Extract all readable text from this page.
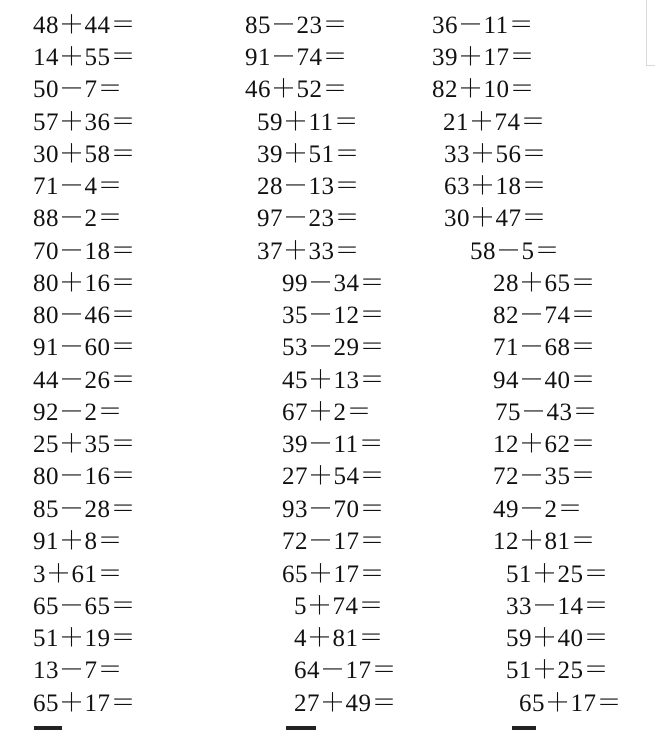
48＋44＝	85－23＝	36－11＝
14＋55＝	91－74＝	39＋17＝
50－7＝	46＋52＝	82＋10＝
57＋36＝	59＋11＝	21＋74＝
30＋58＝	39＋51＝	33＋56＝
71－4＝	28－13＝	63＋18＝
88－2＝	97－23＝	30＋47＝
70－18＝	37＋33＝	58－5＝
80＋16＝	99－34＝	28＋65＝
80－46＝	35－12＝	82－74＝
91－60＝	53－29＝	71－68＝
44－26＝	45＋13＝	94－40＝
92－2＝	67＋2＝	75－43＝
25＋35＝	39－11＝	12＋62＝
80－16＝	27＋54＝	72－35＝
85－28＝	93－70＝	49－2＝
91＋8＝	72－17＝	12＋81＝
3＋61＝	65＋17＝	51＋25＝
65－65＝	5＋74＝	33－14＝
51＋19＝	4＋81＝	59＋40＝
13－7＝	64－17＝	51＋25＝
65＋17＝	27＋49＝	65＋17＝
